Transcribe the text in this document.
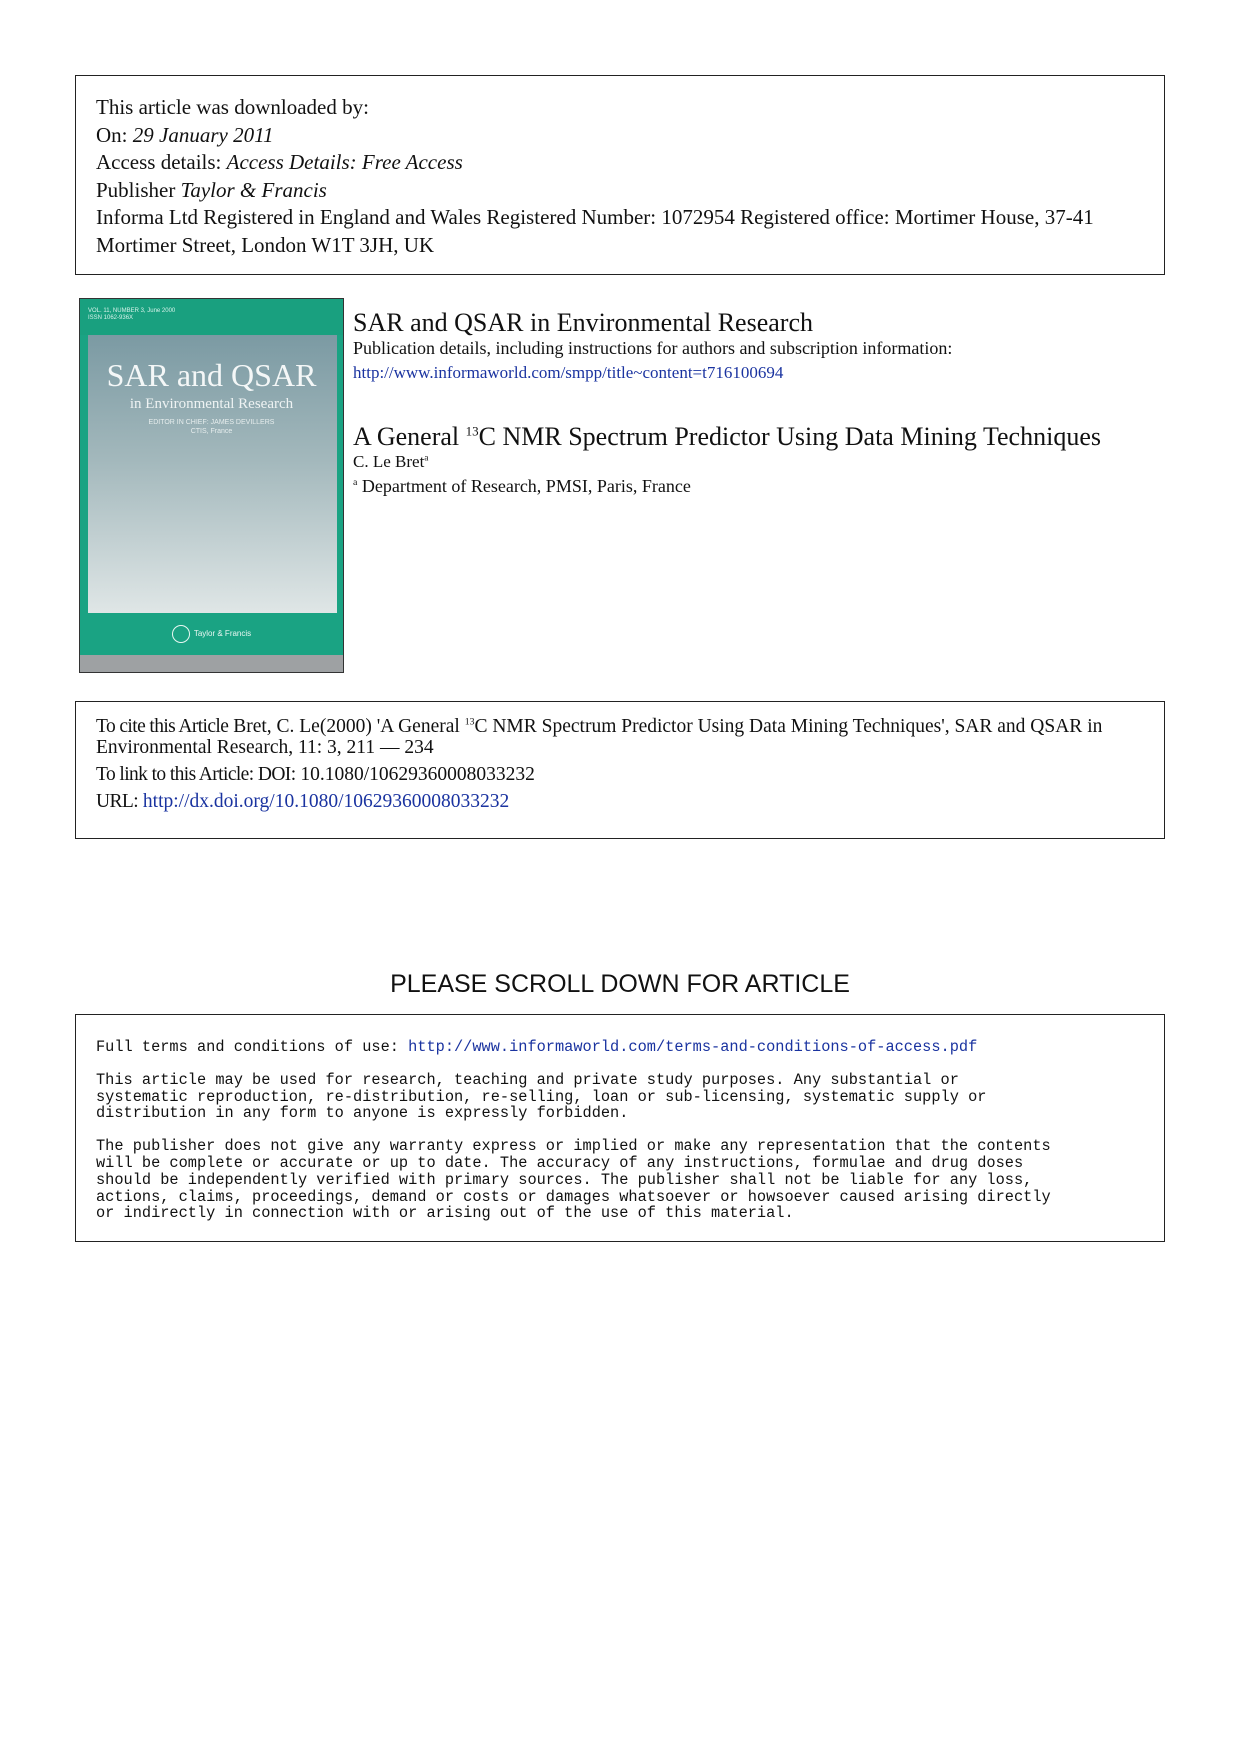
This article was downloaded by:
On: 29 January 2011
Access details: Access Details: Free Access
Publisher Taylor & Francis
Informa Ltd Registered in England and Wales Registered Number: 1072954 Registered office: Mortimer House, 37-41 Mortimer Street, London W1T 3JH, UK
VOL. 11, NUMBER 3, June 2000
ISSN 1062-936X
SAR and QSAR
in Environmental Research
EDITOR IN CHIEF: JAMES DEVILLERS
CTIS, France
Taylor & Francis
SAR and QSAR in Environmental Research
Publication details, including instructions for authors and subscription information:
http://www.informaworld.com/smpp/title~content=t716100694
A General $^{13}$C NMR Spectrum Predictor Using Data Mining Techniques
C. Le Bret$^a$
$^a$ Department of Research, PMSI, Paris, France
To cite this Article Bret, C. Le(2000) 'A General $^{13}$C NMR Spectrum Predictor Using Data Mining Techniques', SAR and QSAR in Environmental Research, 11: 3, 211 — 234
To link to this Article: DOI: 10.1080/10629360008033232
URL: http://dx.doi.org/10.1080/10629360008033232
PLEASE SCROLL DOWN FOR ARTICLE

Full terms and conditions of use: http://www.informaworld.com/terms-and-conditions-of-access.pdf

This article may be used for research, teaching and private study purposes. Any substantial or
systematic reproduction, re-distribution, re-selling, loan or sub-licensing, systematic supply or
distribution in any form to anyone is expressly forbidden.

The publisher does not give any warranty express or implied or make any representation that the contents
will be complete or accurate or up to date. The accuracy of any instructions, formulae and drug doses
should be independently verified with primary sources. The publisher shall not be liable for any loss,
actions, claims, proceedings, demand or costs or damages whatsoever or howsoever caused arising directly
or indirectly in connection with or arising out of the use of this material.
